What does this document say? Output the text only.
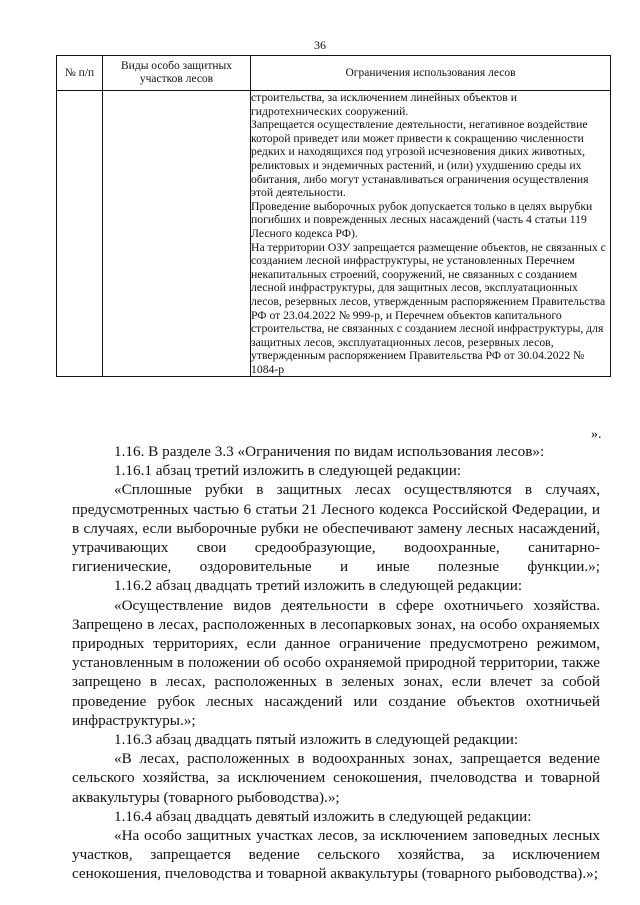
36
№ п/п	Виды особо защитных участков лесов	Ограничения использования лесов

		строительства, за исключением линейных объектов и гидротехнических сооружений.

Запрещается осуществление деятельности, негативное воздействие которой приведет или может привести к сокращению численности редких и находящихся под угрозой исчезновения диких животных, реликтовых и эндемичных растений, и (или) ухудшению среды их обитания, либо могут устанавливаться ограничения осуществления этой деятельности.

Проведение выборочных рубок допускается только в целях вырубки погибших и поврежденных лесных насаждений (часть 4 статьи 119 Лесного кодекса РФ).

На территории ОЗУ запрещается размещение объектов, не связанных с созданием лесной инфраструктуры, не установленных Перечнем некапитальных строений, сооружений, не связанных с созданием лесной инфраструктуры, для защитных лесов, эксплуатационных лесов, резервных лесов, утвержденным распоряжением Правительства РФ от 23.04.2022 № 999-р, и Перечнем объектов капитального строительства, не связанных с созданием лесной инфраструктуры, для защитных лесов, эксплуатационных лесов, резервных лесов, утвержденным распоряжением Правительства РФ от 30.04.2022 № 1084-р

».

1.16. В разделе 3.3 «Ограничения по видам использования лесов»:

1.16.1 абзац третий изложить в следующей редакции:

«Сплошные рубки в защитных лесах осуществляются в случаях, предусмотренных частью 6 статьи 21 Лесного кодекса Российской Федерации, и в случаях, если выборочные рубки не обеспечивают замену лесных насаждений, утрачивающих свои средообразующие, водоохранные, санитарно-гигиенические, оздоровительные и иные полезные функции.»;

1.16.2 абзац двадцать третий изложить в следующей редакции:

«Осуществление видов деятельности в сфере охотничьего хозяйства. Запрещено в лесах, расположенных в лесопарковых зонах, на особо охраняемых природных территориях, если данное ограничение предусмотрено режимом, установленным в положении об особо охраняемой природной территории, также запрещено в лесах, расположенных в зеленых зонах, если влечет за собой проведение рубок лесных насаждений или создание объектов охотничьей инфраструктуры.»;

1.16.3 абзац двадцать пятый изложить в следующей редакции:

«В лесах, расположенных в водоохранных зонах, запрещается ведение сельского хозяйства, за исключением сенокошения, пчеловодства и товарной аквакультуры (товарного рыбоводства).»;

1.16.4 абзац двадцать девятый изложить в следующей редакции:

«На особо защитных участках лесов, за исключением заповедных лесных участков, запрещается ведение сельского хозяйства, за исключением сенокошения, пчеловодства и товарной аквакультуры (товарного рыбоводства).»;
